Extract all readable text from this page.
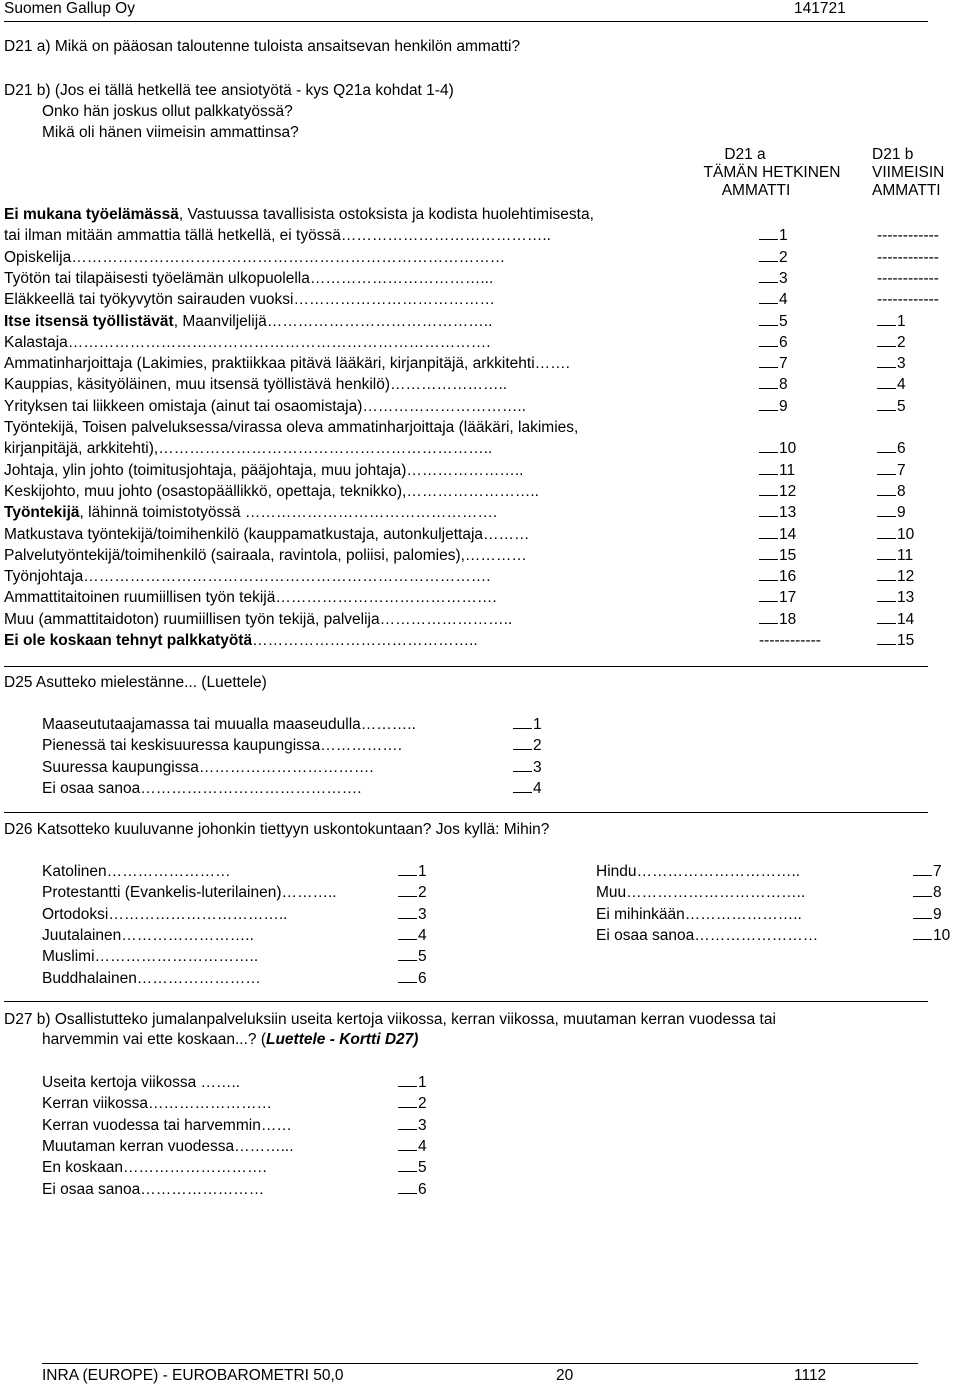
Suomen Gallup Oy	141721
D21 a) Mikä on pääosan taloutenne tuloista ansaitsevan henkilön ammatti?
D21 b) (Jos ei tällä hetkellä tee ansiotyötä - kys Q21a kohdat 1-4)
Onko hän joskus ollut palkkatyössä?
Mikä oli hänen viimeisin ammattinsa?
D21 a
TÄMÄN HETKINEN
AMMATTI
D21 b
VIIMEISIN
AMMATTI
Ei mukana työelämässä, Vastuussa tavallisista ostoksista ja kodista huolehtimisesta,
tai ilman mitään ammattia tällä hetkellä, ei työssä…………………………………..	1	------------
Opiskelija…………………………………………………………………………	2	------------
Työtön tai tilapäisesti työelämän ulkopuolella……………………………...	3	------------
Eläkkeellä tai työkyvytön sairauden vuoksi…………………………………	4	------------
Itse itsensä työllistävät, Maanviljelijä……………………………………..	5	1
Kalastaja……………………………………………………………………….	6	2
Ammatinharjoittaja (Lakimies, praktiikkaa pitävä lääkäri, kirjanpitäjä, arkkitehti…….	7	3
Kauppias, käsityöläinen, muu itsensä työllistävä henkilö)…………………..	8	4
Yrityksen tai liikkeen omistaja (ainut tai osaomistaja)…………………………..	9	5
Työntekijä, Toisen palveluksessa/virassa oleva ammatinharjoittaja (lääkäri, lakimies,
kirjanpitäjä, arkkitehti),………………………………………………………..	10	6
Johtaja, ylin johto (toimitusjohtaja, pääjohtaja, muu johtaja)…………………..	11	7
Keskijohto, muu johto (osastopäällikkö, opettaja, teknikko),……………………..	12	8
Työntekijä, lähinnä toimistotyössä ………………………………………….	13	9
Matkustava työntekijä/toimihenkilö (kauppamatkustaja, autonkuljettaja………	14	10
Palvelutyöntekijä/toimihenkilö (sairaala, ravintola, poliisi, palomies),…………	15	11
Työnjohtaja…………………………………………………………………….	16	12
Ammattitaitoinen ruumiillisen työn tekijä…………………………………….	17	13
Muu (ammattitaidoton) ruumiillisen työn tekijä, palvelija……………………..	18	14
Ei ole koskaan tehnyt palkkatyötä……………………………………..	------------	15
D25 Asutteko mielestänne... (Luettele)
Maaseututaajamassa tai muualla maaseudulla………..	1
Pienessä tai keskisuuressa kaupungissa…………….	2
Suuressa kaupungissa…………………………….	3
Ei osaa sanoa…………………………………….	4
D26 Katsotteko kuuluvanne johonkin tiettyyn uskontokuntaan? Jos kyllä: Mihin?
Katolinen……………………	1
Protestantti (Evankelis-luterilainen)………..	2
Ortodoksi……………………………..	3
Juutalainen……………………..	4
Muslimi…………………………..	5
Buddhalainen……………………	6
Hindu…………………………..	7
Muu……………………………..	8
Ei mihinkään…………………..	9
Ei osaa sanoa……………………	10
D27 b) Osallistutteko jumalanpalveluksiin useita kertoja viikossa, kerran viikossa, muutaman kerran vuodessa tai
harvemmin vai ette koskaan...? (Luettele - Kortti D27)
Useita kertoja viikossa ……..	1
Kerran viikossa……………………	2
Kerran vuodessa tai harvemmin……	3
Muutaman kerran vuodessa………...	4
En koskaan……………………….	5
Ei osaa sanoa……………………	6
INRA (EUROPE) - EUROBAROMETRI 50,0	20	1112
